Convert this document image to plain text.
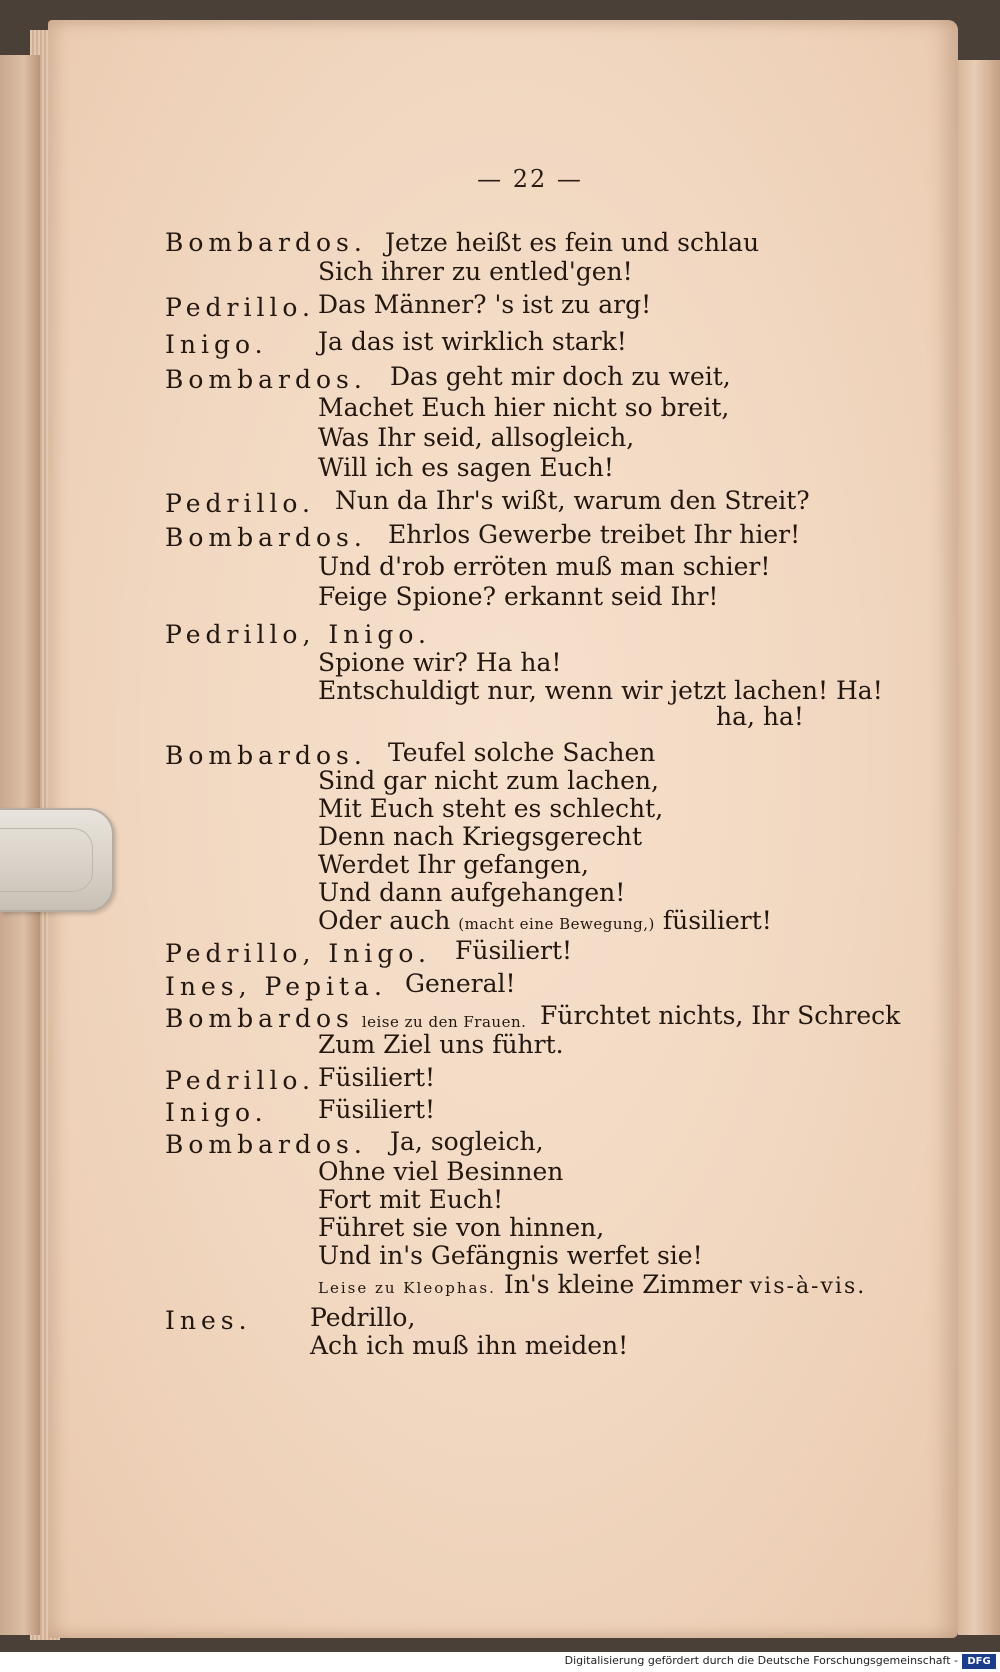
— 22 —
Bombardos. Jetze heißt es fein und schlau
Sich ihrer zu entled'gen!
Pedrillo. Das Männer? 's ist zu arg!
Inigo. Ja das ist wirklich stark!
Bombardos. Das geht mir doch zu weit,
Machet Euch hier nicht so breit,
Was Ihr seid, allsogleich,
Will ich es sagen Euch!
Pedrillo. Nun da Ihr's wißt, warum den Streit?
Bombardos. Ehrlos Gewerbe treibet Ihr hier!
Und d'rob erröten muß man schier!
Feige Spione? erkannt seid Ihr!
Pedrillo, Inigo.
Spione wir? Ha ha!
Entschuldigt nur, wenn wir jetzt lachen! Ha!
ha, ha!
Bombardos. Teufel solche Sachen
Sind gar nicht zum lachen,
Mit Euch steht es schlecht,
Denn nach Kriegsgerecht
Werdet Ihr gefangen,
Und dann aufgehangen!
Oder auch (macht eine Bewegung,) füsiliert!
Pedrillo, Inigo. Füsiliert!
Ines, Pepita. General!
Bombardos leise zu den Frauen. Fürchtet nichts, Ihr Schreck
Zum Ziel uns führt.
Pedrillo. Füsiliert!
Inigo. Füsiliert!
Bombardos. Ja, sogleich,
Ohne viel Besinnen
Fort mit Euch!
Führet sie von hinnen,
Und in's Gefängnis werfet sie!
Leise zu Kleophas. In's kleine Zimmer vis-à-vis.
Ines. Pedrillo,
Ach ich muß ihn meiden!
Digitalisierung gefördert durch die Deutsche Forschungsgemeinschaft - DFG
